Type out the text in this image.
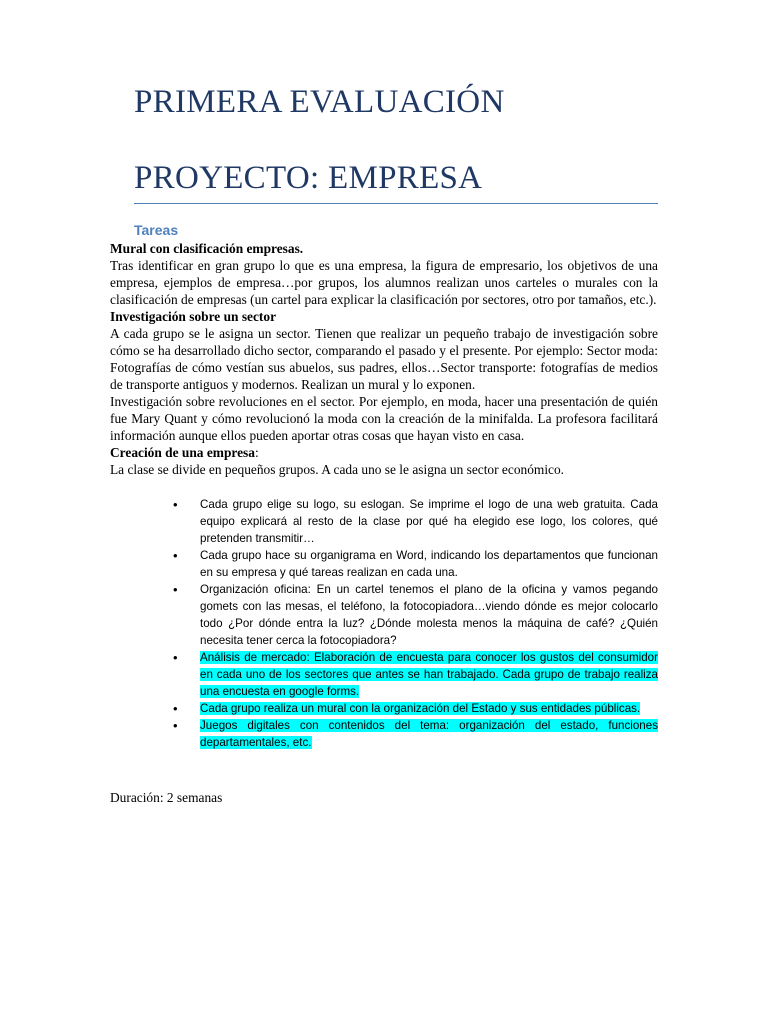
PRIMERA EVALUACIÓN
PROYECTO: EMPRESA

Tareas

Mural con clasificación empresas.

Tras identificar en gran grupo lo que es una empresa, la figura de empresario, los objetivos de una empresa, ejemplos de empresa…por grupos, los alumnos realizan unos carteles o murales con la clasificación de empresas (un cartel para explicar la clasificación por sectores, otro por tamaños, etc.).

Investigación sobre un sector

A cada grupo se le asigna un sector. Tienen que realizar un pequeño trabajo de investigación sobre cómo se ha desarrollado dicho sector, comparando el pasado y el presente. Por ejemplo: Sector moda: Fotografías de cómo vestían sus abuelos, sus padres, ellos…Sector transporte: fotografías de medios de transporte antiguos y modernos. Realizan un mural y lo exponen.

Investigación sobre revoluciones en el sector. Por ejemplo, en moda, hacer una presentación de quién fue Mary Quant y cómo revolucionó la moda con la creación de la minifalda. La profesora facilitará información aunque ellos pueden aportar otras cosas que hayan visto en casa.

Creación de una empresa:

La clase se divide en pequeños grupos. A cada uno se le asigna un sector económico.

• Cada grupo elige su logo, su eslogan. Se imprime el logo de una web gratuita. Cada equipo explicará al resto de la clase por qué ha elegido ese logo, los colores, qué pretenden transmitir…
• Cada grupo hace su organigrama en Word, indicando los departamentos que funcionan en su empresa y qué tareas realizan en cada una.
• Organización oficina: En un cartel tenemos el plano de la oficina y vamos pegando gomets con las mesas, el teléfono, la fotocopiadora…viendo dónde es mejor colocarlo todo ¿Por dónde entra la luz? ¿Dónde molesta menos la máquina de café? ¿Quién necesita tener cerca la fotocopiadora?
• Análisis de mercado: Elaboración de encuesta para conocer los gustos del consumidor en cada uno de los sectores que antes se han trabajado. Cada grupo de trabajo realiza una encuesta en google forms.
• Cada grupo realiza un mural con la organización del Estado y sus entidades públicas.
• Juegos digitales con contenidos del tema: organización del estado, funciones departamentales, etc.

Duración: 2 semanas
